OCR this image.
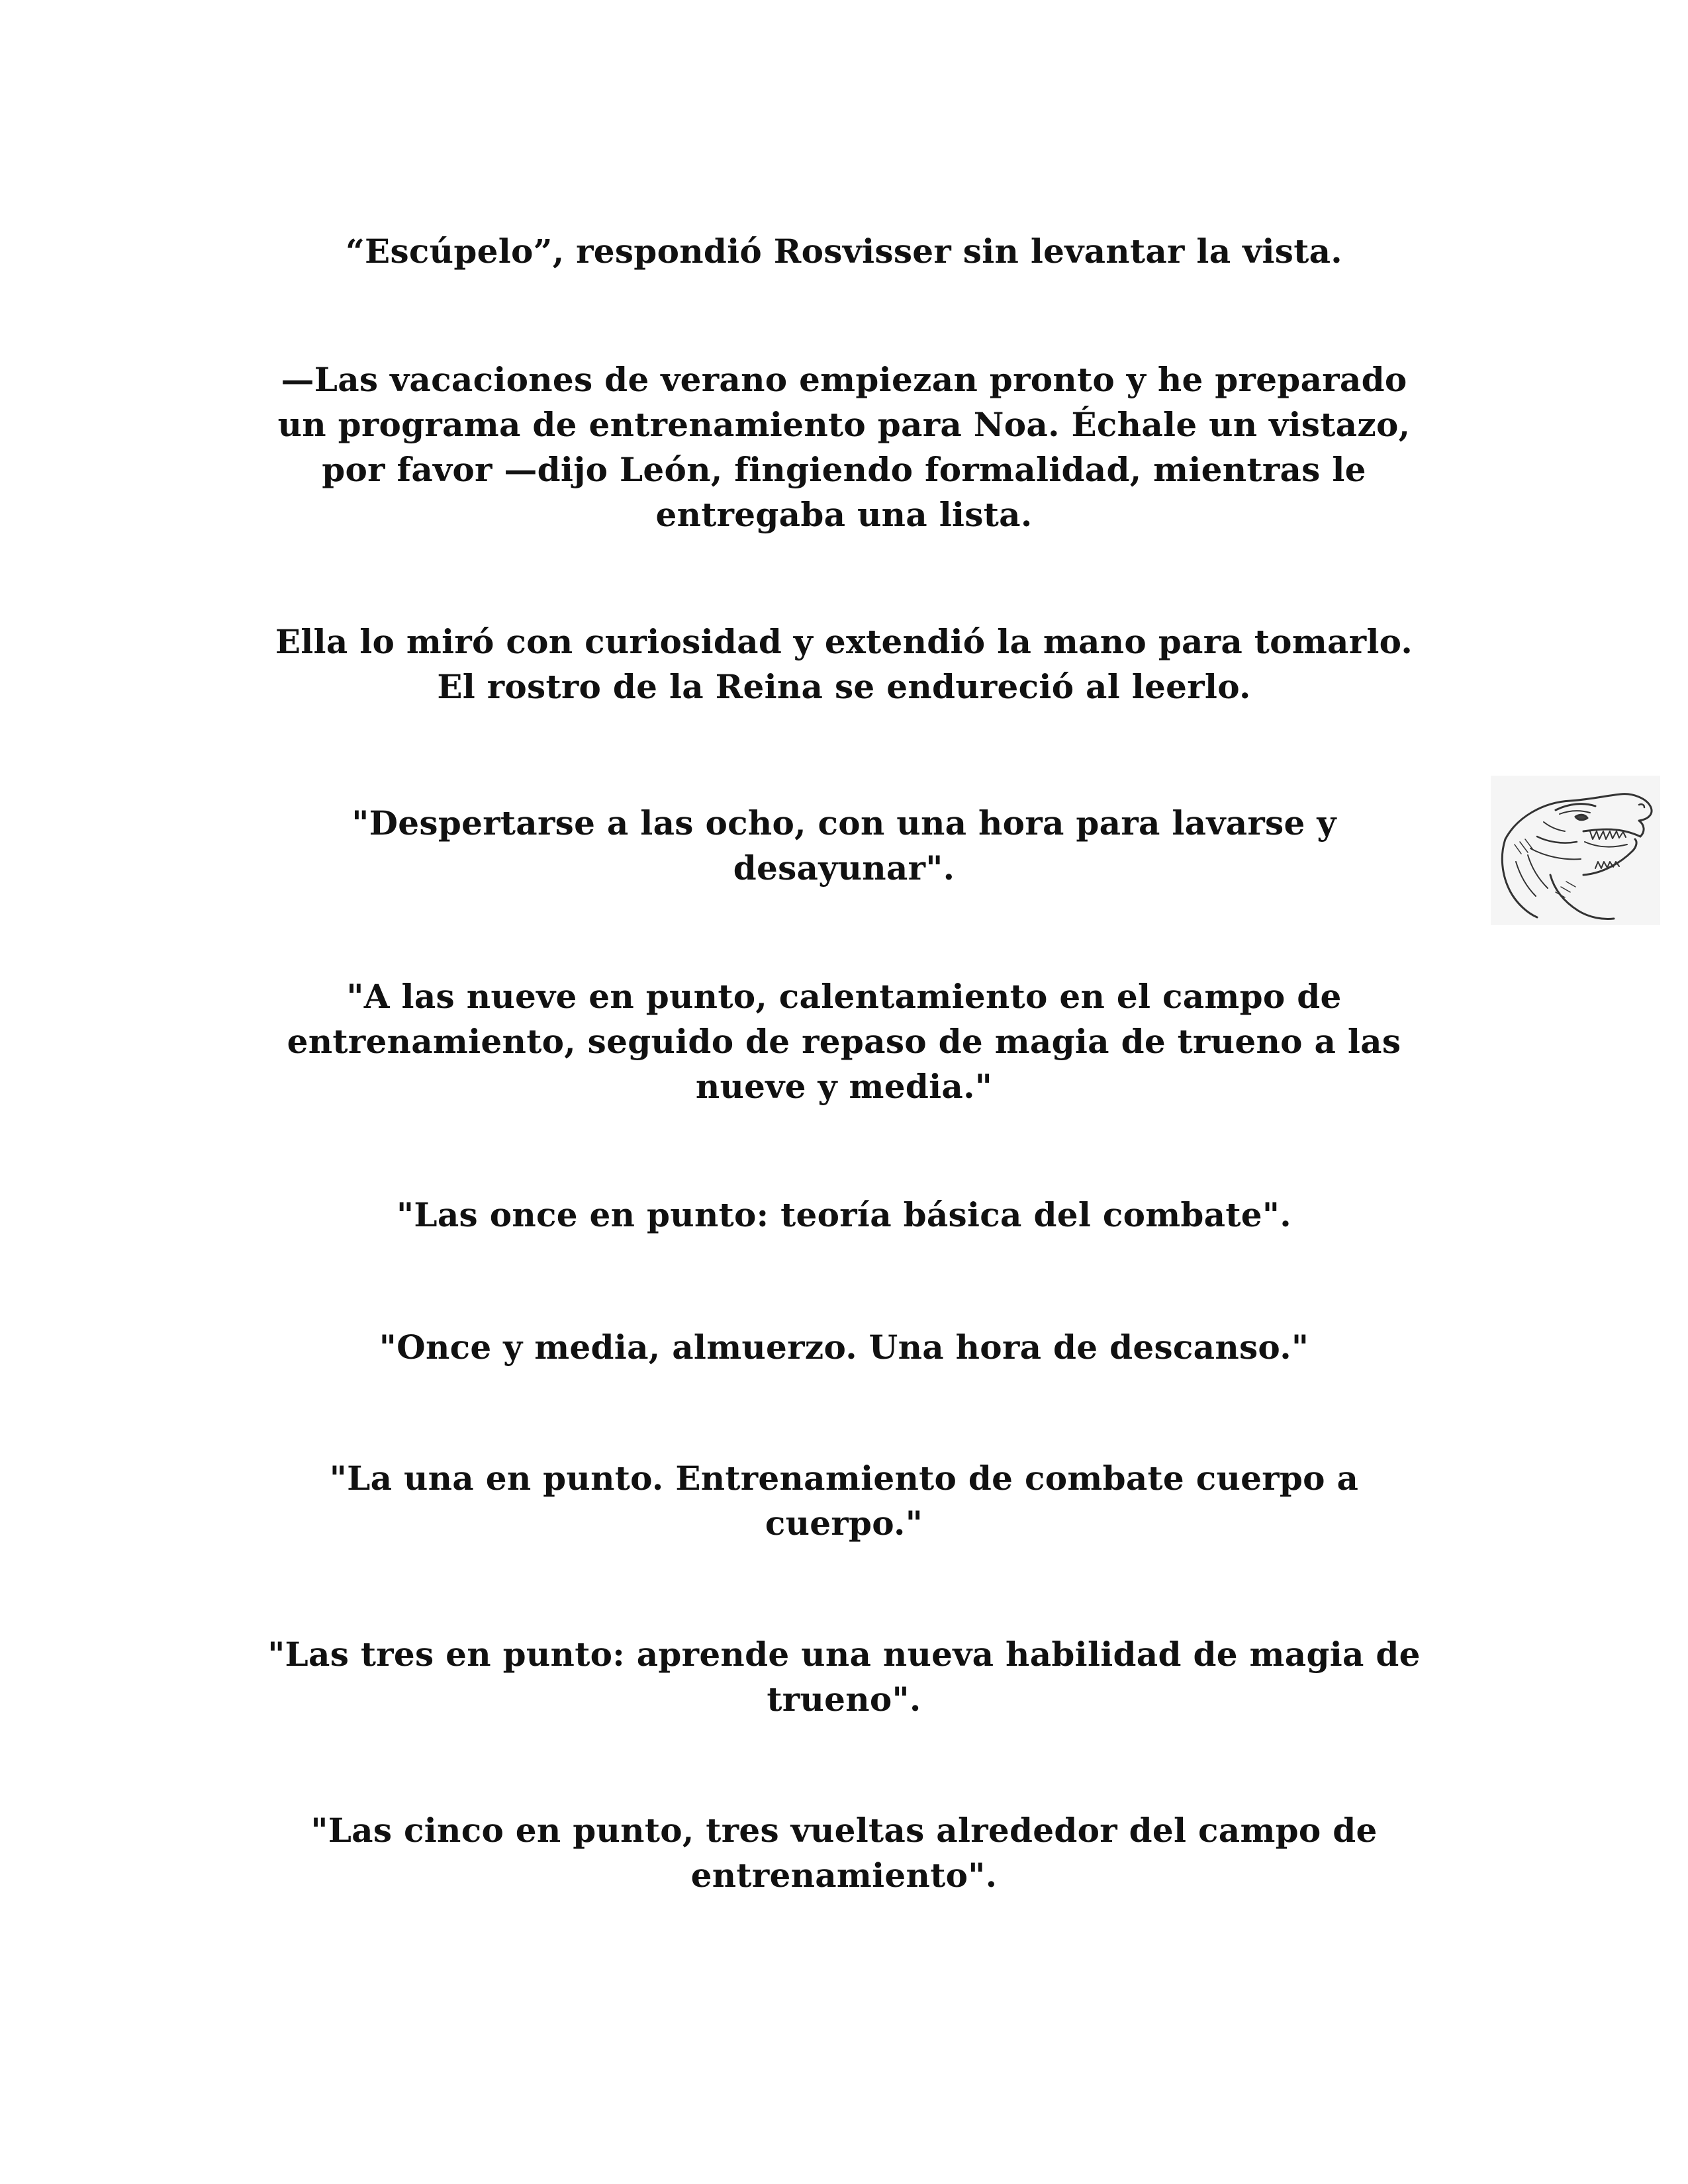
“Escúpelo”, respondió Rosvisser sin levantar la vista.

—Las vacaciones de verano empiezan pronto y he preparado
un programa de entrenamiento para Noa. Échale un vistazo,
por favor —dijo León, fingiendo formalidad, mientras le
entregaba una lista.

Ella lo miró con curiosidad y extendió la mano para tomarlo.
El rostro de la Reina se endureció al leerlo.

"Despertarse a las ocho, con una hora para lavarse y
desayunar".

"A las nueve en punto, calentamiento en el campo de
entrenamiento, seguido de repaso de magia de trueno a las
nueve y media."

"Las once en punto: teoría básica del combate".

"Once y media, almuerzo. Una hora de descanso."

"La una en punto. Entrenamiento de combate cuerpo a
cuerpo."

"Las tres en punto: aprende una nueva habilidad de magia de
trueno".

"Las cinco en punto, tres vueltas alrededor del campo de
entrenamiento".
